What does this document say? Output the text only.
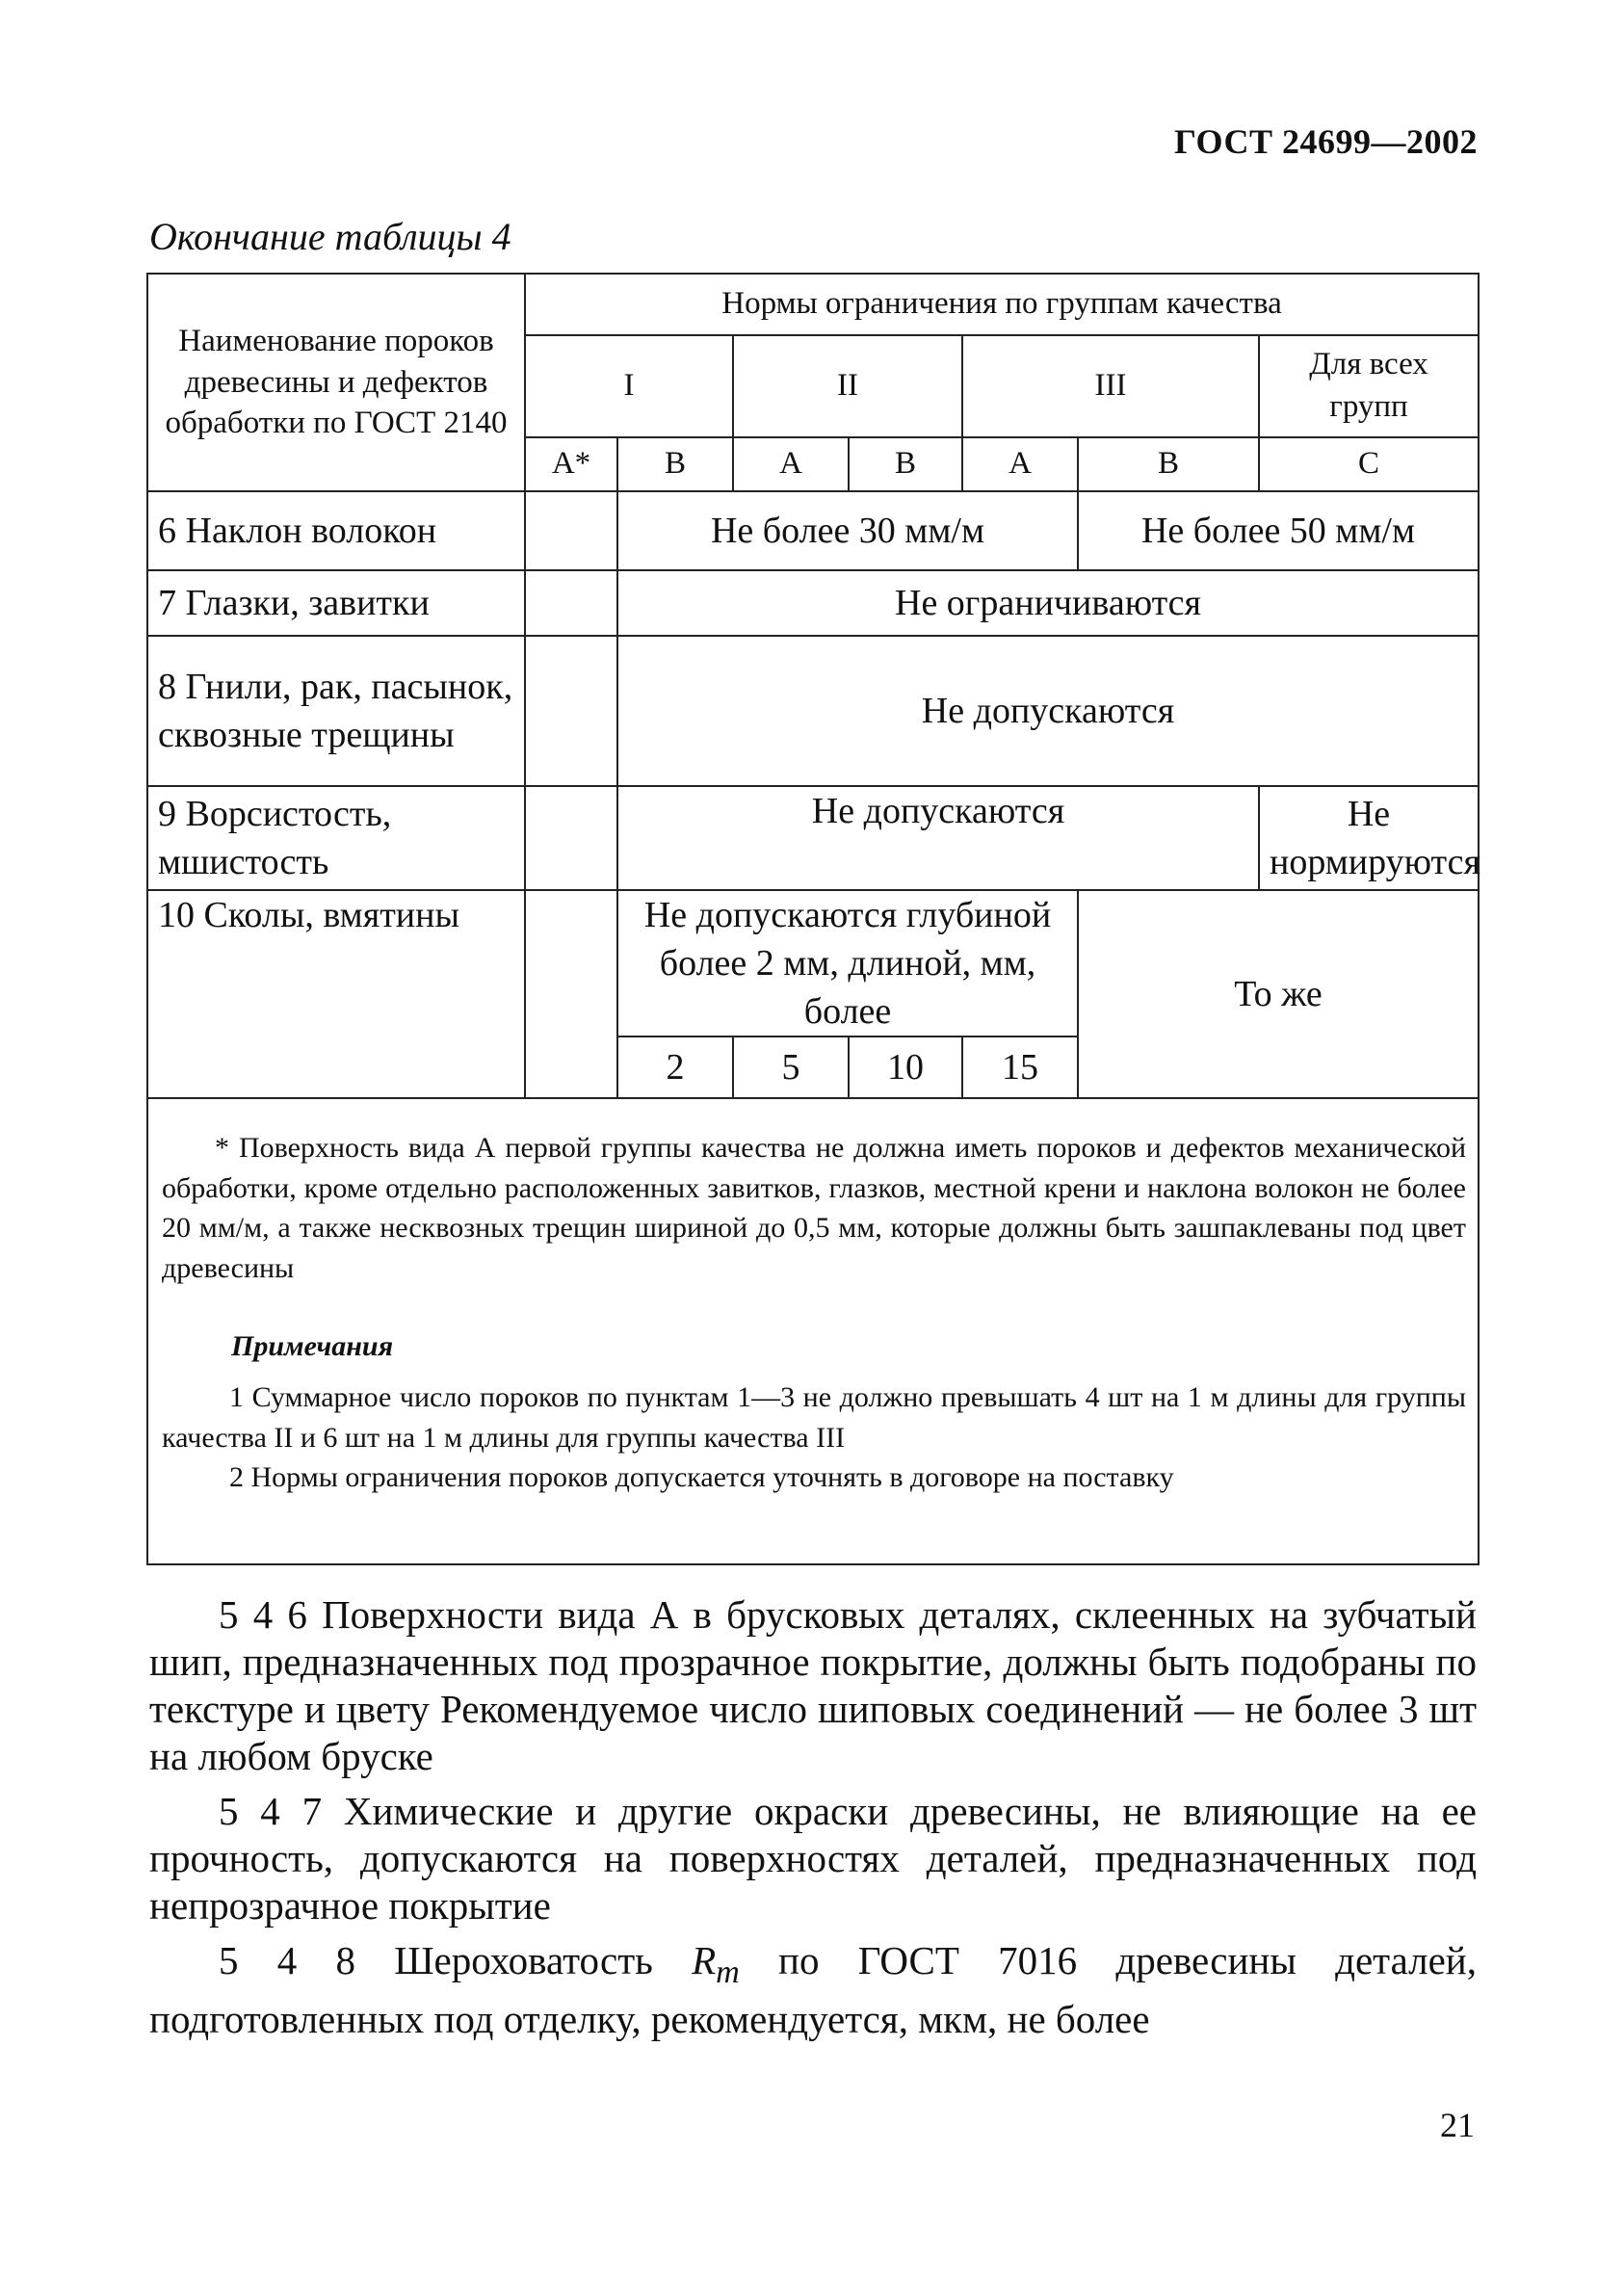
ГОСТ 24699—2002
Окончание таблицы 4
Наименование пороков древесины и дефектов обработки по ГОСТ 2140	Нормы ограничения по группам качества						
	I		II		III		Для всех групп
	А*	В	А	В	А	В	С
6 Наклон волокон		Не более 30 мм/м				Не более 50 мм/м	
7 Глазки, завитки		Не ограничиваются					
8 Гнили, рак, пасынок, сквозные трещины		Не допускаются					
9 Ворсистость, мшистость		Не допускаются					Не нормируются
10 Сколы, вмятины		Не допускаются глубиной более 2 мм, длиной, мм, более				То же	
		2	5	10	15		

* Поверхность вида А первой группы качества не должна иметь пороков и дефектов механической обработки, кроме отдельно расположенных завитков, глазков, местной крени и наклона волокон не более 20 мм/м, а также несквозных трещин шириной до 0,5 мм, которые должны быть зашпаклеваны под цвет древесины
Примечания
1 Суммарное число пороков по пунктам 1—3 не должно превышать 4 шт на 1 м длины для группы качества II и 6 шт на 1 м длины для группы качества III
2 Нормы ограничения пороков допускается уточнять в договоре на поставку							

5 4 6 Поверхности вида А в брусковых деталях, склеенных на зубчатый шип, предназначенных под прозрачное покрытие, должны быть подобраны по текстуре и цвету Рекомендуемое число шиповых соединений — не более 3 шт на любом бруске

5 4 7 Химические и другие окраски древесины, не влияющие на ее прочность, допускаются на поверхностях деталей, предназначенных под непрозрачное покрытие

5 4 8 Шероховатость $R_m$ по ГОСТ 7016 древесины деталей, подготовленных под отделку, рекомендуется, мкм, не более

21
